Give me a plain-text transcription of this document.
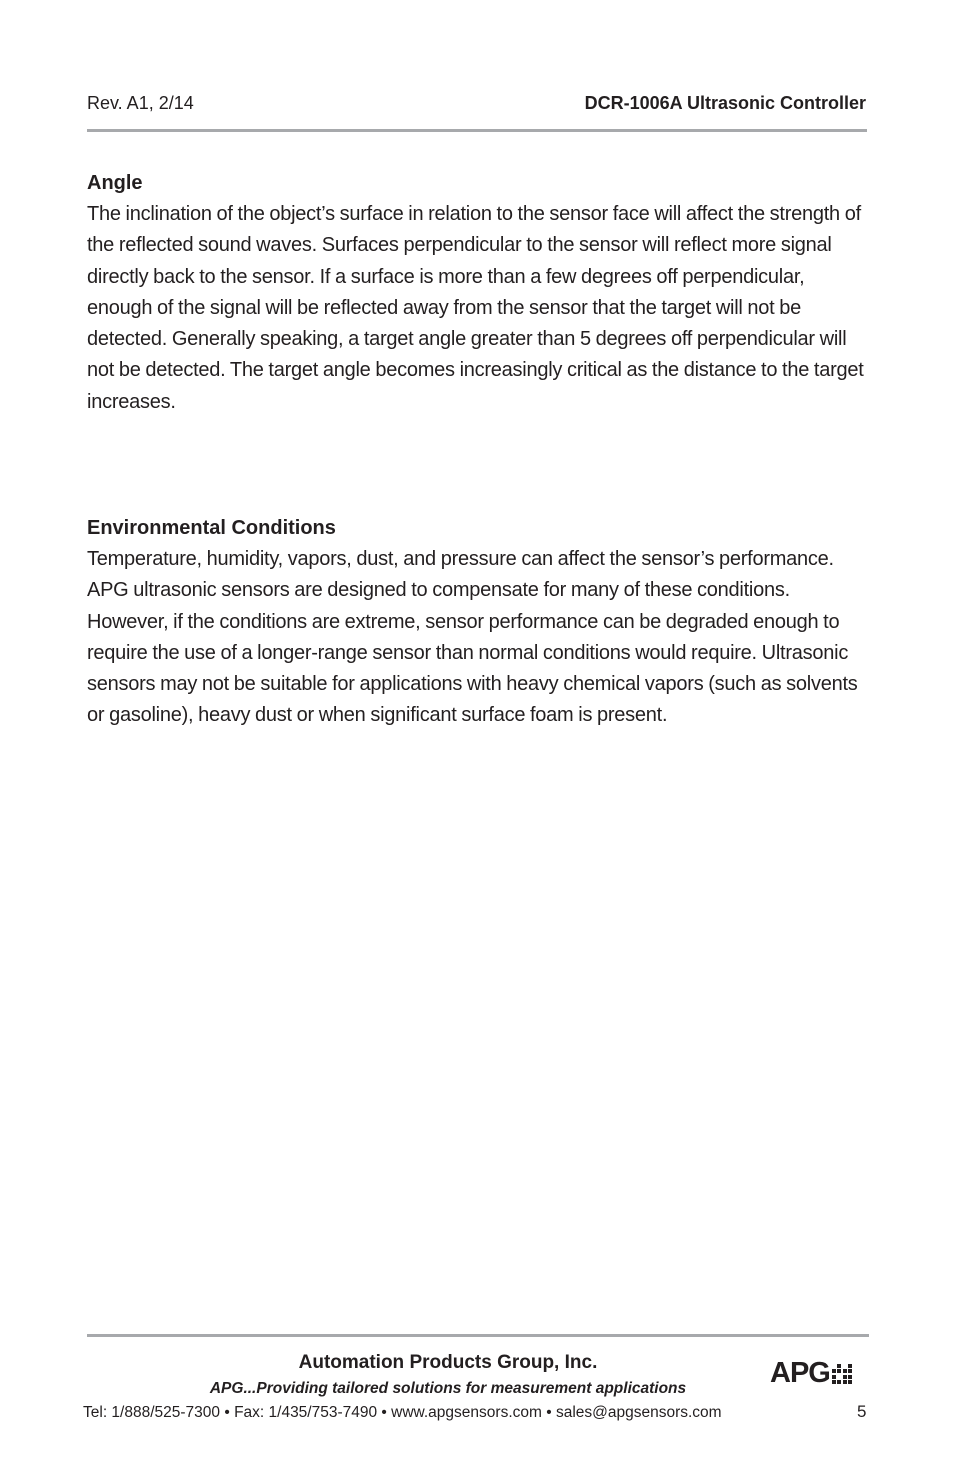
Rev. A1, 2/14	DCR-1006A Ultrasonic Controller

Angle

The inclination of the object’s surface in relation to the sensor face will affect the strength of the reflected sound waves. Surfaces perpendicular to the sensor will reflect more signal directly back to the sensor. If a surface is more than a few degrees off perpendicular, enough of the signal will be reflected away from the sensor that the target will not be detected. Generally speaking, a target angle greater than 5 degrees off perpendicular will not be detected. The target angle becomes increasingly critical as the distance to the target increases.

Environmental Conditions

Temperature, humidity, vapors, dust, and pressure can affect the sensor’s performance. APG ultrasonic sensors are designed to compensate for many of these conditions. However, if the conditions are extreme, sensor performance can be degraded enough to require the use of a longer-range sensor than normal conditions would require. Ultrasonic sensors may not be suitable for applications with heavy chemical vapors (such as solvents or gasoline), heavy dust or when significant surface foam is present.

Automation Products Group, Inc.
APG...Providing tailored solutions for measurement applications
Tel: 1/888/525-7300 • Fax: 1/435/753-7490 • www.apgsensors.com • sales@apgsensors.com	5
APG
